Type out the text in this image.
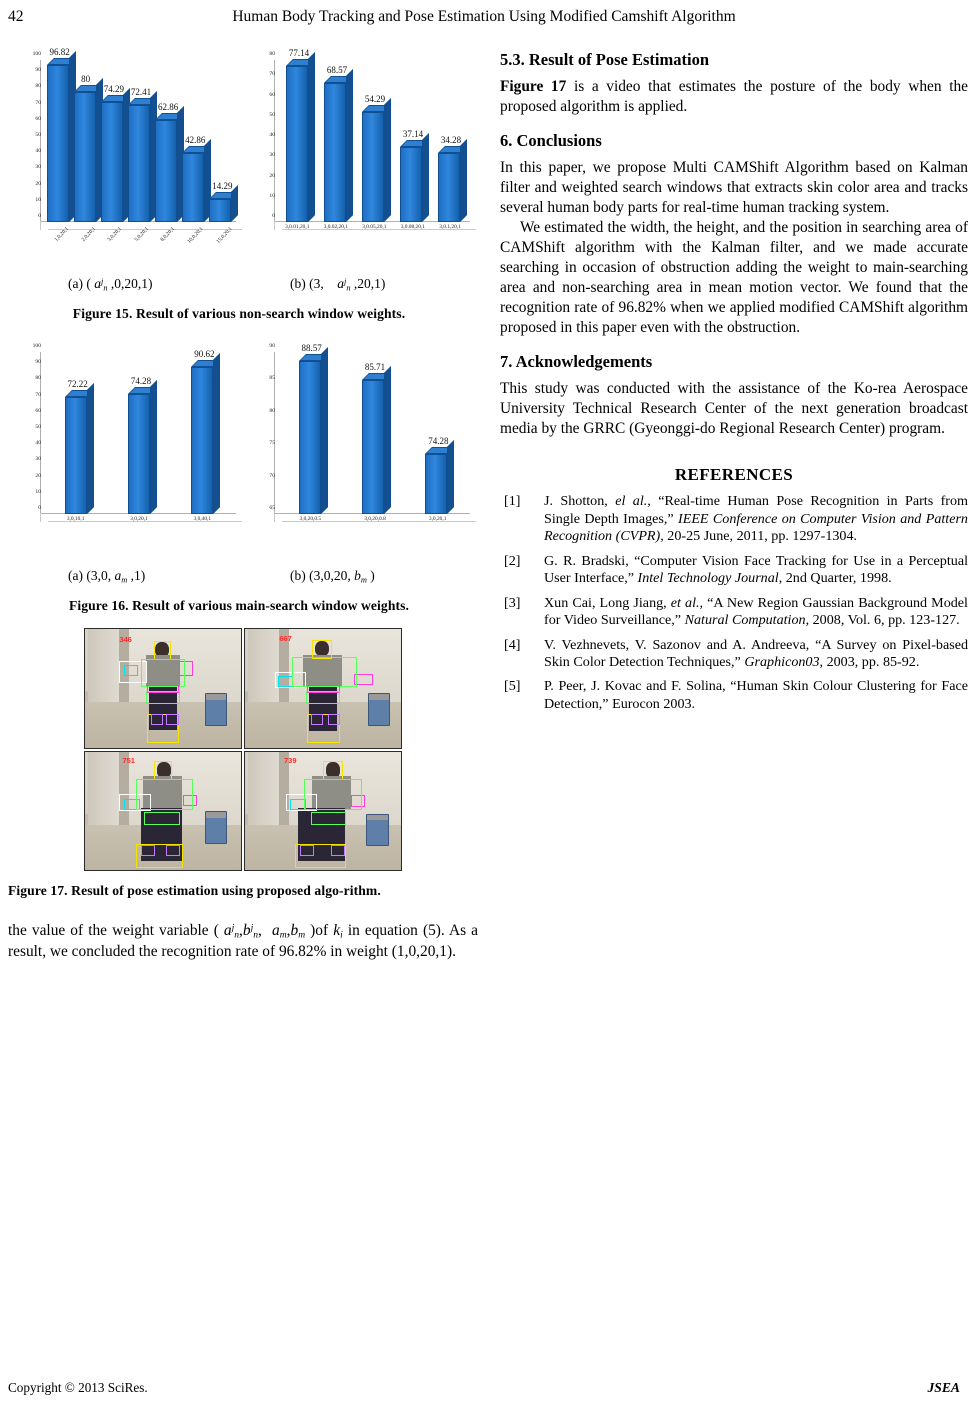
42	Human Body Tracking and Pose Estimation Using Modified Camshift Algorithm
0
10
20
30
40
50
60
70
80
90
100 96.82
80
74.29 72.41
62.86
42.86
14.29
1,0,20,1 2,0,20,1 3,0,20,1 5,0,20,1 8,0,20,1 10,0,20,1 15,0,20,1
0
10
20
30
40
50
60
70
80 77.14
68.57
54.29
37.14
34.28
3,0.01,20,1	3,0.02,20,1	3,0.05,20,1	3,0.08,20,1	3,0.1,20,1
(a) ( $a^j_n$ ,0,20,1)	(b) (3, $a^j_n$ ,20,1)
Figure 15. Result of various non-search window weights.
0
10
20
30
40
50
60
70
80
90
100
72.22	74.28
90.62
3,0,10,1	3,0,20,1	3,0,40,1
65
70
75
80
85
90	88.57
85.71
74.28
3,0,20,0.5	3,0,20,0.8	3,0,20,1
(a) (3,0, $a_m$ ,1)	(b) (3,0,20, $b_m$ )
Figure 16. Result of various main-search window weights.
346	667
751	739
Figure 17. Result of pose estimation using proposed algo-rithm.

the value of the weight variable ( $a^j_n,b^j_n$,  $a_m,b_m$ )of $k_i$ in equation (5). As a result, we concluded the recognition rate of 96.82% in weight (1,0,20,1).

5.3. Result of Pose Estimation

Figure 17 is a video that estimates the posture of the body when the proposed algorithm is applied.

6. Conclusions

In this paper, we propose Multi CAMShift Algorithm based on Kalman filter and weighted search windows that extracts skin color area and tracks several human body parts for real-time human tracking system.

We estimated the width, the height, and the position in searching area of CAMShift algorithm with the Kalman filter, and we made accurate searching in occasion of obstruction adding the weight to main-searching area and non-searching area in mean motion vector. We found that the recognition rate of 96.82% when we applied modified CAMShift algorithm proposed in this paper even with the obstruction.

7. Acknowledgements

This study was conducted with the assistance of the Ko-rea Aerospace University Technical Research Center of the next generation broadcast media by the GRRC (Gyeonggi-do Regional Research Center) program.

REFERENCES
[1] J. Shotton, el al., “Real-time Human Pose Recognition in Parts from Single Depth Images,” IEEE Conference on Computer Vision and Pattern Recognition (CVPR), 20-25 June, 2011, pp. 1297-1304.
[2] G. R. Bradski, “Computer Vision Face Tracking for Use in a Perceptual User Interface,” Intel Technology Journal, 2nd Quarter, 1998.
[3] Xun Cai, Long Jiang, et al., “A New Region Gaussian Background Model for Video Surveillance,” Natural Computation, 2008, Vol. 6, pp. 123-127.
[4] V. Vezhnevets, V. Sazonov and A. Andreeva, “A Survey on Pixel-based Skin Color Detection Techniques,” Graphicon03, 2003, pp. 85-92.
[5] P. Peer, J. Kovac and F. Solina, “Human Skin Colour Clustering for Face Detection,” Eurocon 2003.
Copyright © 2013 SciRes.	JSEA
